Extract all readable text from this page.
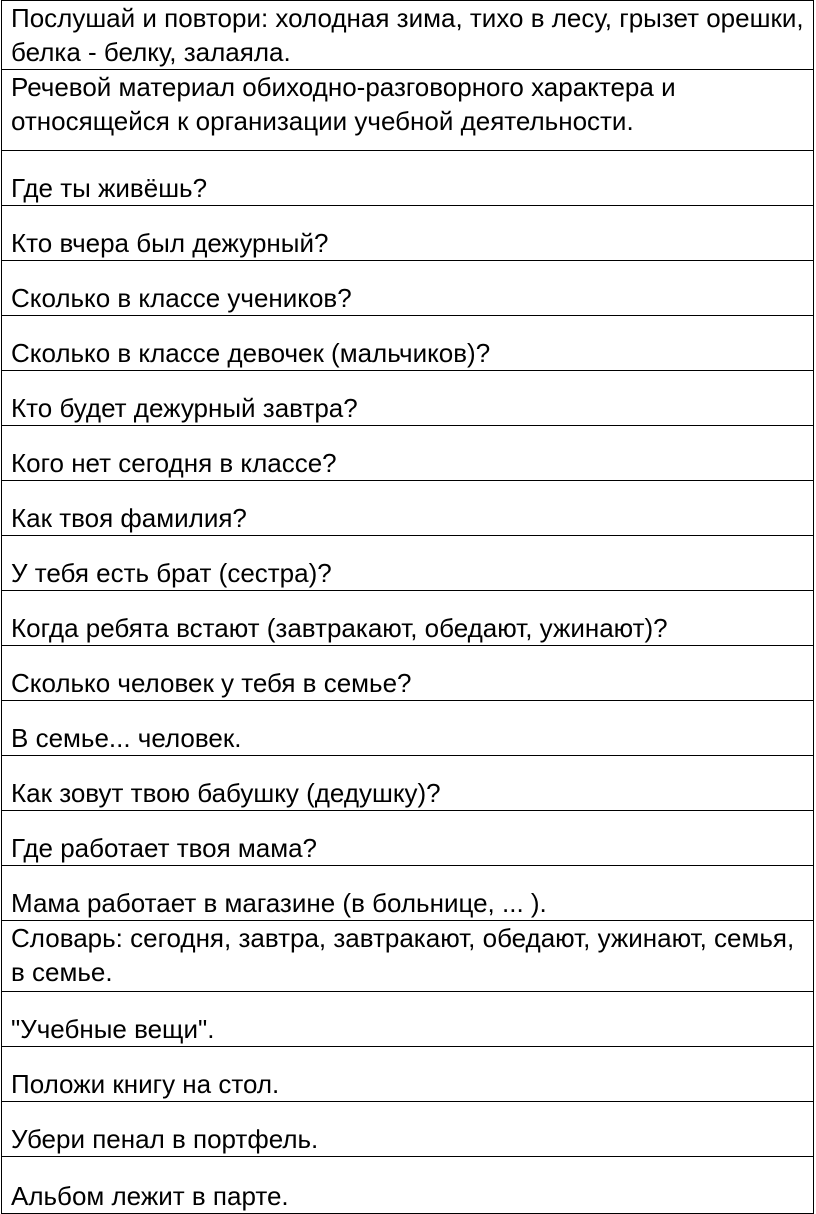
Послушай и повтори: холодная зима, тихо в лесу, грызет орешки, белка - белку, залаяла.
Речевой материал обиходно-разговорного характера и относящейся к организации учебной деятельности.
Где ты живёшь?
Кто вчера был дежурный?
Сколько в классе учеников?
Сколько в классе девочек (мальчиков)?
Кто будет дежурный завтра?
Кого нет сегодня в классе?
Как твоя фамилия?
У тебя есть брат (сестра)?
Когда ребята встают (завтракают, обедают, ужинают)?
Сколько человек у тебя в семье?
В семье... человек.
Как зовут твою бабушку (дедушку)?
Где работает твоя мама?
Мама работает в магазине (в больнице, ... ).
Словарь: сегодня, завтра, завтракают, обедают, ужинают, семья, в семье.
"Учебные вещи".
Положи книгу на стол.
Убери пенал в портфель.
Альбом лежит в парте.
